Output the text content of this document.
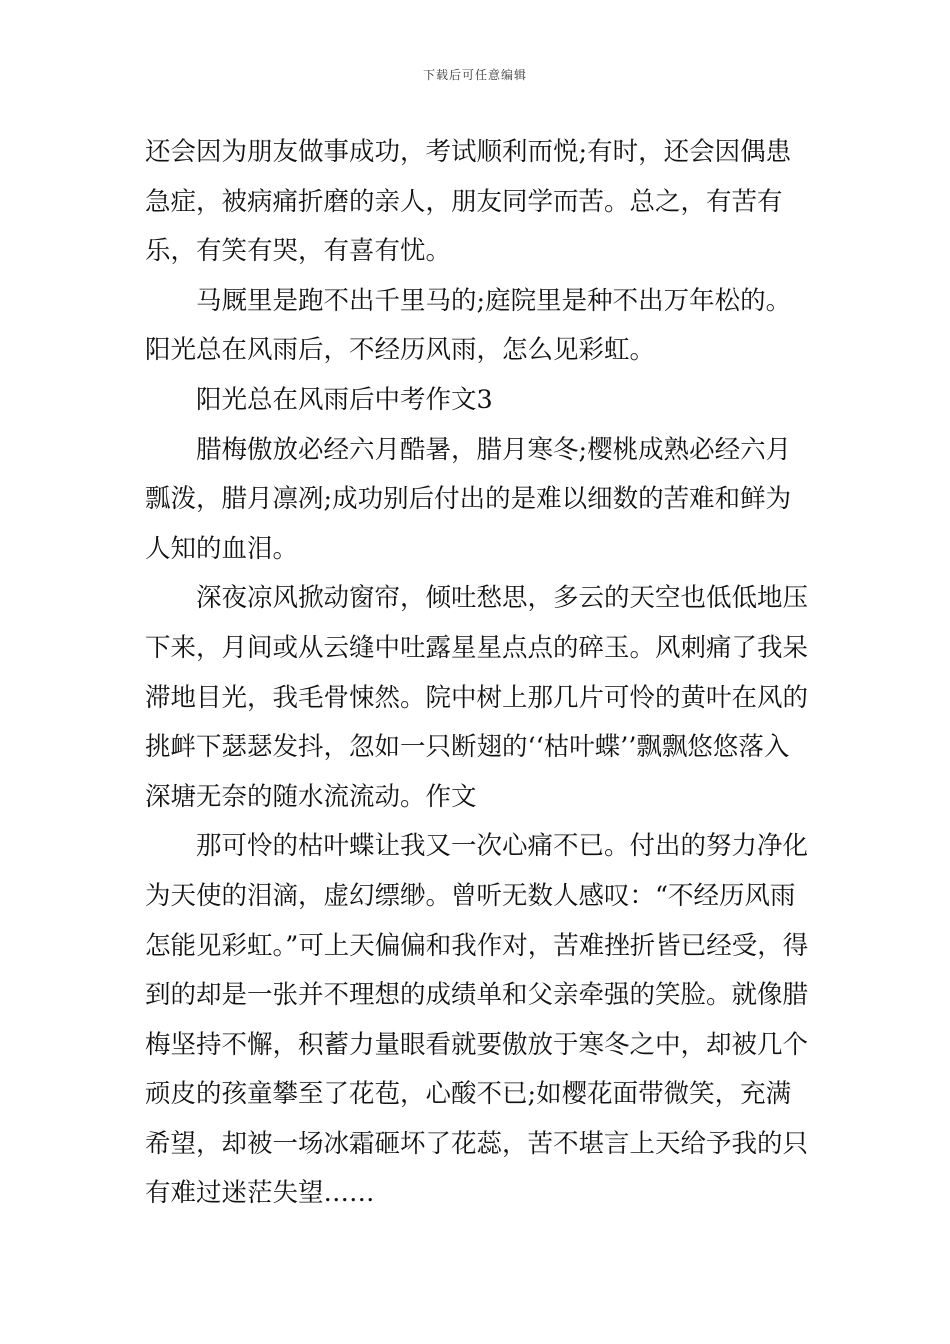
下载后可任意编辑

还会因为朋友做事成功，考试顺利而悦;有时，还会因偶患急症，被病痛折磨的亲人，朋友同学而苦。总之，有苦有乐，有笑有哭，有喜有忧。

马厩里是跑不出千里马的;庭院里是种不出万年松的。阳光总在风雨后，不经历风雨，怎么见彩虹。

阳光总在风雨后中考作文3

腊梅傲放必经六月酷暑，腊月寒冬;樱桃成熟必经六月瓢泼，腊月凛冽;成功别后付出的是难以细数的苦难和鲜为人知的血泪。

深夜凉风掀动窗帘，倾吐愁思，多云的天空也低低地压下来，月间或从云缝中吐露星星点点的碎玉。风刺痛了我呆滞地目光，我毛骨悚然。院中树上那几片可怜的黄叶在风的挑衅下瑟瑟发抖，忽如一只断翅的‘‘枯叶蝶’’飘飘悠悠落入深塘无奈的随水流流动。作文

那可怜的枯叶蝶让我又一次心痛不已。付出的努力净化为天使的泪滴，虚幻缥缈。曾听无数人感叹：“不经历风雨怎能见彩虹。”可上天偏偏和我作对，苦难挫折皆已经受，得到的却是一张并不理想的成绩单和父亲牵强的笑脸。就像腊梅坚持不懈，积蓄力量眼看就要傲放于寒冬之中，却被几个顽皮的孩童攀至了花苞，心酸不已;如樱花面带微笑，充满希望，却被一场冰霜砸坏了花蕊，苦不堪言上天给予我的只有难过迷茫失望……
